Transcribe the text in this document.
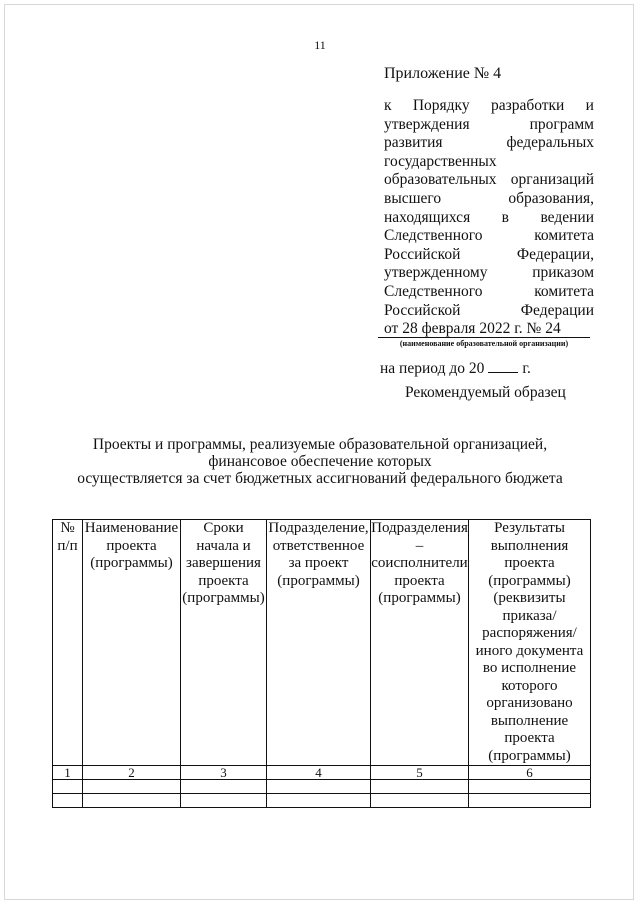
11
Приложение № 4
к Порядку разработки и
утверждения	программ
развития	федеральных
государственных
образовательных организаций
высшего	образования,
находящихся в ведении
Следственного	комитета
Российской	Федерации,
утвержденному	приказом
Следственного	комитета
Российской	Федерации
от 28 февраля 2022 г. № 24
(наименование образовательной организации)
на период до 20 г.
Рекомендуемый образец
Проекты и программы, реализуемые образовательной организацией,
финансовое обеспечение которых
осуществляется за счет бюджетных ассигнований федерального бюджета
№ п/п	Наименование проекта (программы)	Сроки начала и завершения проекта (программы)	Подразделение, ответственное за проект (программы)	Подразделения
–
соисполнители проекта (программы)	Результаты выполнения проекта (программы) (реквизиты приказа/ распоряжения/ иного документа во исполнение которого организовано выполнение проекта (программы)

1	2	3	4	5	6
